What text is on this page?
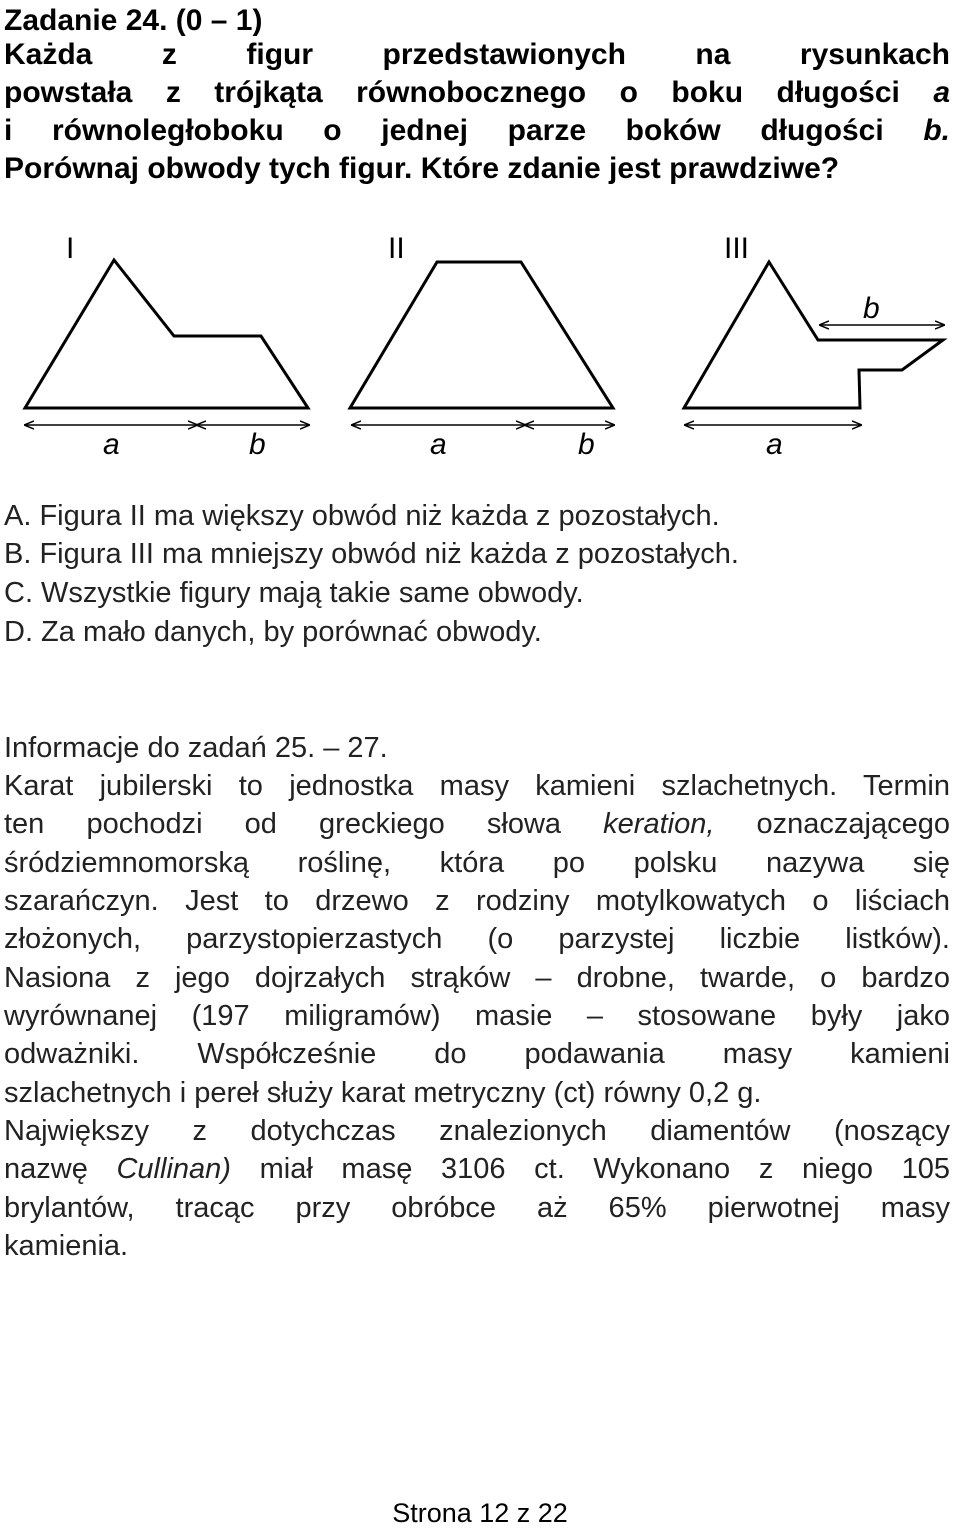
Zadanie 24. (0 – 1)
Każda z figur przedstawionych na rysunkach
powstała z trójkąta równobocznego o boku długości a
i równoległoboku o jednej parze boków długości b.
Porównaj obwody tych figur. Które zdanie jest prawdziwe?
I	II	III
a	b	a	b
b
a
A. Figura II ma większy obwód niż każda z pozostałych.
B. Figura III ma mniejszy obwód niż każda z pozostałych.
C. Wszystkie figury mają takie same obwody.
D. Za mało danych, by porównać obwody.
Informacje do zadań 25. – 27.
Karat jubilerski to jednostka masy kamieni szlachetnych. Termin
ten pochodzi od greckiego słowa keration, oznaczającego
śródziemnomorską roślinę, która po polsku nazywa się
szarańczyn. Jest to drzewo z rodziny motylkowatych o liściach
złożonych, parzystopierzastych (o parzystej liczbie listków).
Nasiona z jego dojrzałych strąków – drobne, twarde, o bardzo
wyrównanej (197 miligramów) masie – stosowane były jako
odważniki. Współcześnie do podawania masy kamieni
szlachetnych i pereł służy karat metryczny (ct) równy 0,2 g.
Największy z dotychczas znalezionych diamentów (noszący
nazwę Cullinan) miał masę 3106 ct. Wykonano z niego 105
brylantów, tracąc przy obróbce aż 65% pierwotnej masy
kamienia.
Strona 12 z 22
